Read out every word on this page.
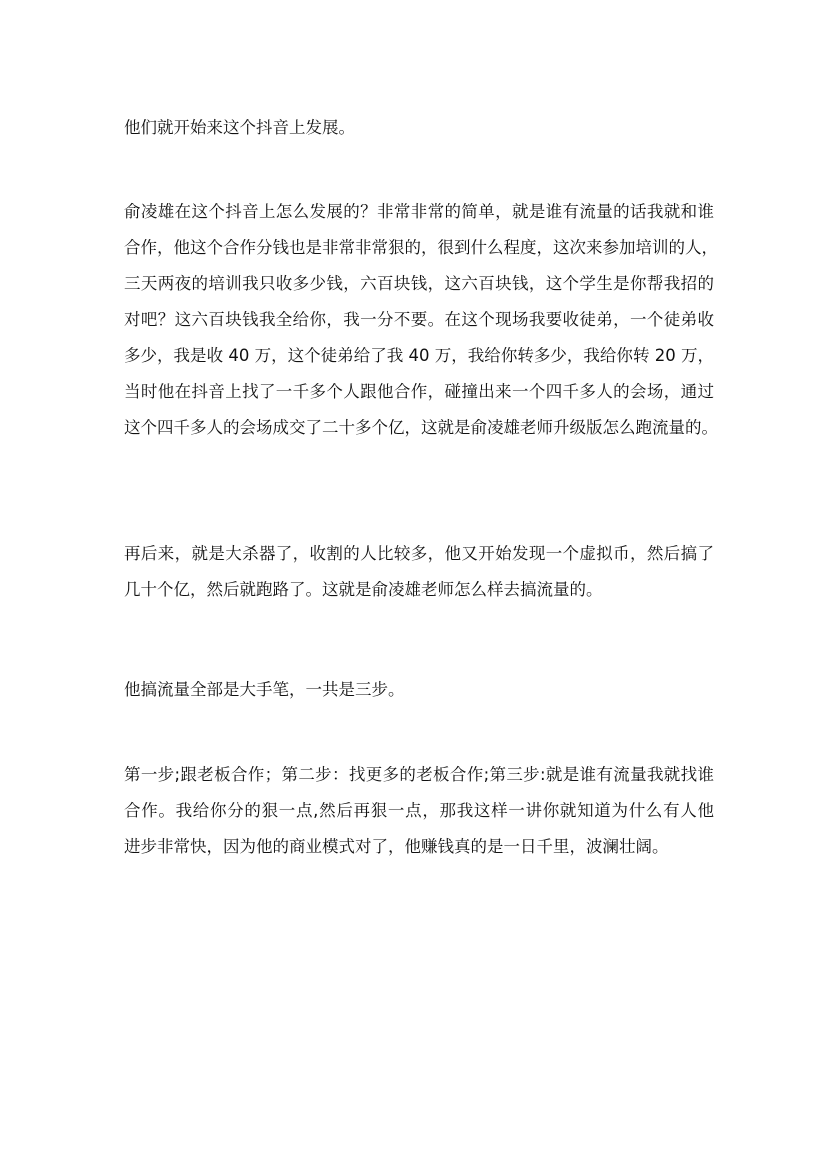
他们就开始来这个抖音上发展。
俞凌雄在这个抖音上怎么发展的？非常非常的简单，就是谁有流量的话我就和谁
合作，他这个合作分钱也是非常非常狠的，很到什么程度，这次来参加培训的人，
三天两夜的培训我只收多少钱，六百块钱，这六百块钱，这个学生是你帮我招的
对吧？这六百块钱我全给你，我一分不要。在这个现场我要收徒弟，一个徒弟收
多少，我是收 40 万，这个徒弟给了我 40 万，我给你转多少，我给你转 20 万，
当时他在抖音上找了一千多个人跟他合作，碰撞出来一个四千多人的会场，通过
这个四千多人的会场成交了二十多个亿，这就是俞凌雄老师升级版怎么跑流量的。
再后来，就是大杀器了，收割的人比较多，他又开始发现一个虚拟币，然后搞了
几十个亿，然后就跑路了。这就是俞凌雄老师怎么样去搞流量的。
他搞流量全部是大手笔，一共是三步。
第一步;跟老板合作；第二步：找更多的老板合作;第三步:就是谁有流量我就找谁
合作。我给你分的狠一点,然后再狠一点，那我这样一讲你就知道为什么有人他
进步非常快，因为他的商业模式对了，他赚钱真的是一日千里，波澜壮阔。
